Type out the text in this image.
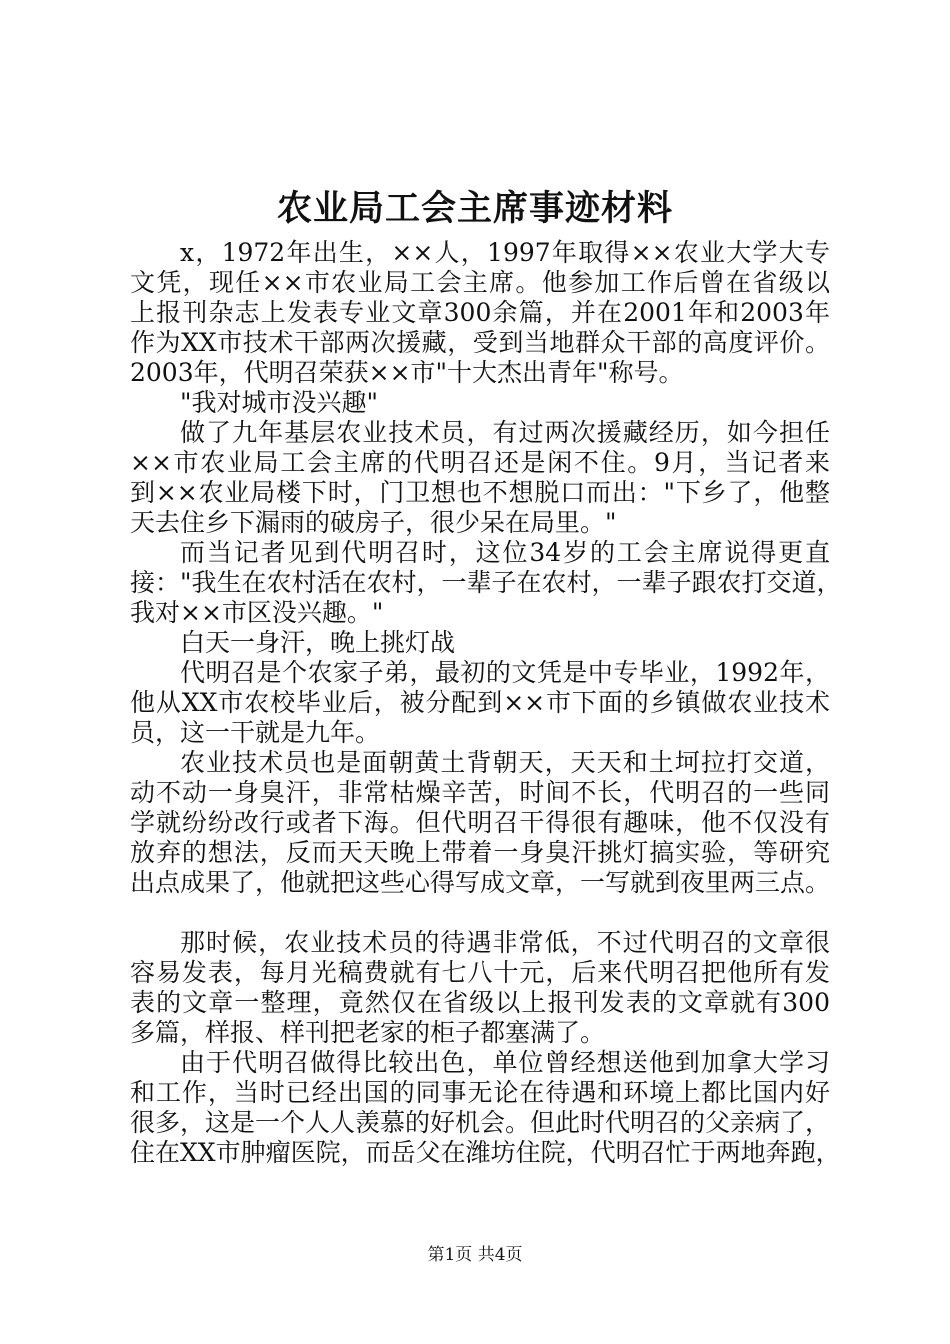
农业局工会主席事迹材料
x，1972年出生，××人，1997年取得××农业大学大专
文凭，现任××市农业局工会主席。他参加工作后曾在省级以
上报刊杂志上发表专业文章300余篇，并在2001年和2003年
作为XX市技术干部两次援藏，受到当地群众干部的高度评价。
2003年，代明召荣获××市"十大杰出青年"称号。
"我对城市没兴趣"
做了九年基层农业技术员，有过两次援藏经历，如今担任
××市农业局工会主席的代明召还是闲不住。9月，当记者来
到××农业局楼下时，门卫想也不想脱口而出："下乡了，他整
天去住乡下漏雨的破房子，很少呆在局里。"
而当记者见到代明召时，这位34岁的工会主席说得更直
接："我生在农村活在农村，一辈子在农村，一辈子跟农打交道，
我对××市区没兴趣。"
白天一身汗，晚上挑灯战
代明召是个农家子弟，最初的文凭是中专毕业，1992年，
他从XX市农校毕业后，被分配到××市下面的乡镇做农业技术
员，这一干就是九年。
农业技术员也是面朝黄土背朝天，天天和土坷拉打交道，
动不动一身臭汗，非常枯燥辛苦，时间不长，代明召的一些同
学就纷纷改行或者下海。但代明召干得很有趣味，他不仅没有
放弃的想法，反而天天晚上带着一身臭汗挑灯搞实验，等研究
出点成果了，他就把这些心得写成文章，一写就到夜里两三点。
那时候，农业技术员的待遇非常低，不过代明召的文章很
容易发表，每月光稿费就有七八十元，后来代明召把他所有发
表的文章一整理，竟然仅在省级以上报刊发表的文章就有300
多篇，样报、样刊把老家的柜子都塞满了。
由于代明召做得比较出色，单位曾经想送他到加拿大学习
和工作，当时已经出国的同事无论在待遇和环境上都比国内好
很多，这是一个人人羡慕的好机会。但此时代明召的父亲病了，
住在XX市肿瘤医院，而岳父在潍坊住院，代明召忙于两地奔跑，
第1页 共4页
